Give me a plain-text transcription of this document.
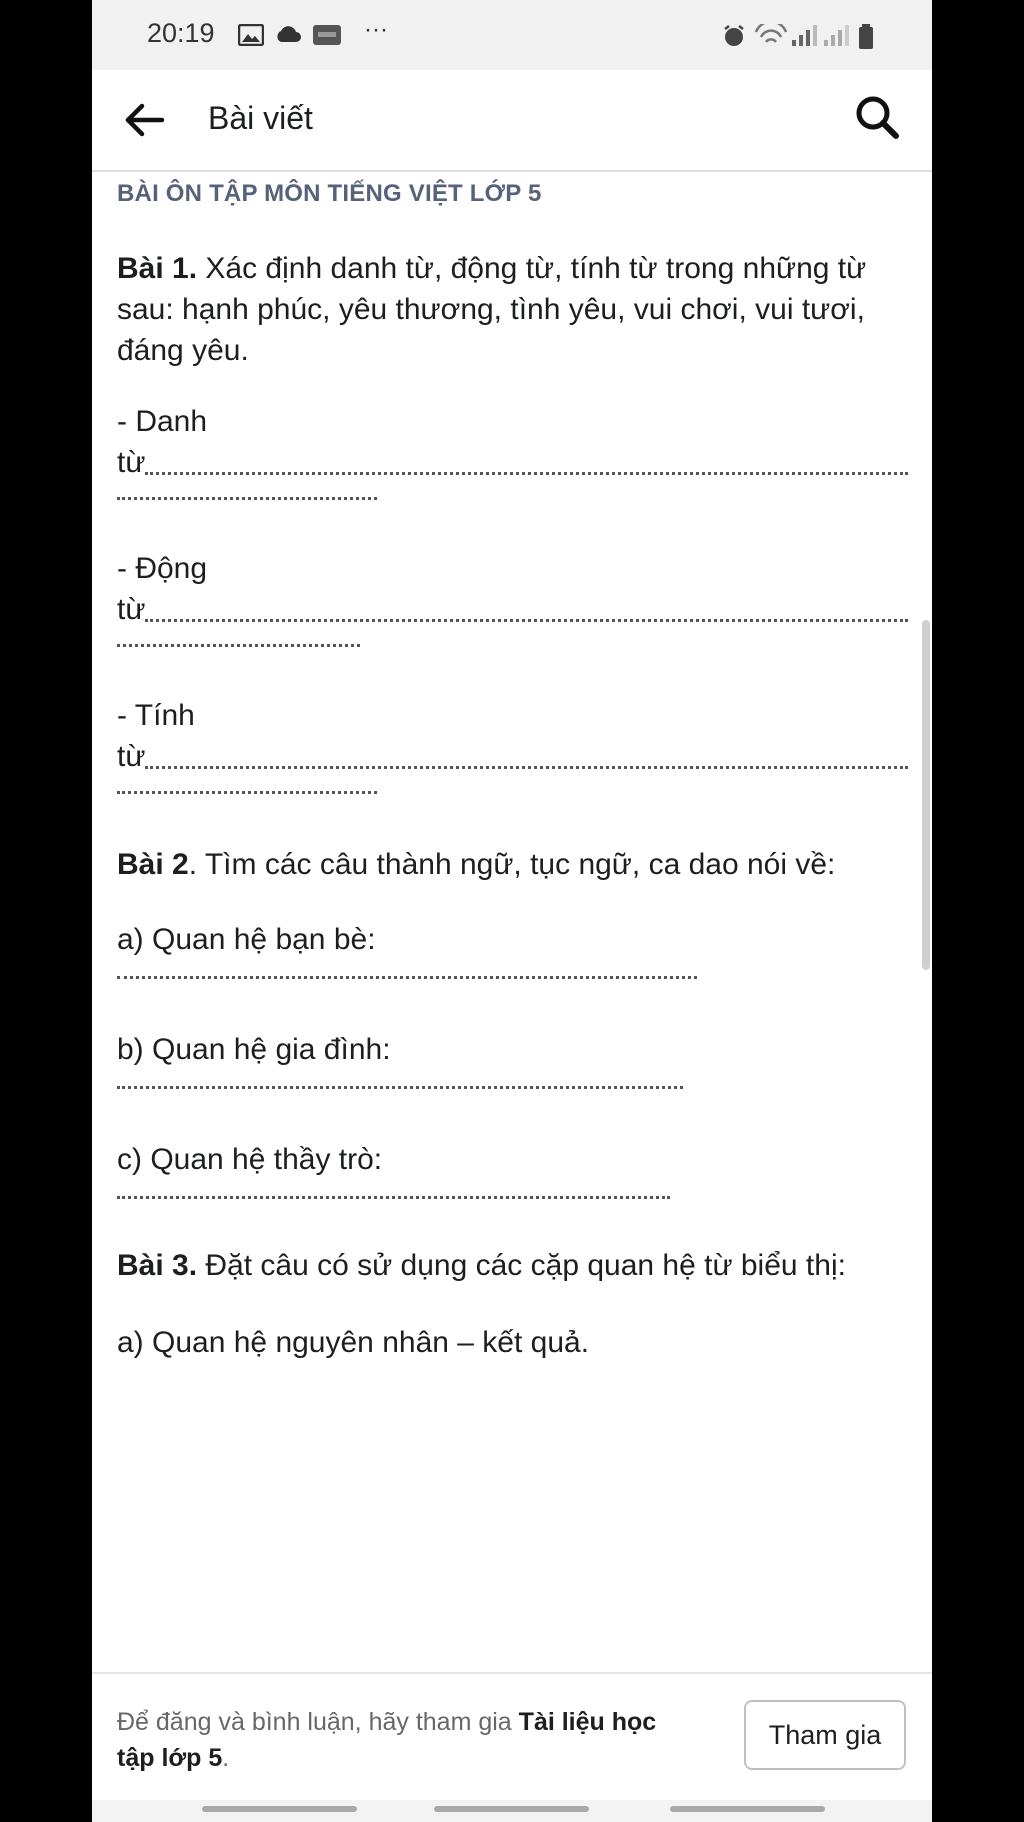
20:19	···
Bài viết
BÀI ÔN TẬP MÔN TIẾNG VIỆT LỚP 5
Bài 1. Xác định danh từ, động từ, tính từ trong những từ sau: hạnh phúc, yêu thương, tình yêu, vui chơi, vui tươi, đáng yêu.
- Danh
từ
- Động
từ
- Tính
từ
Bài 2. Tìm các câu thành ngữ, tục ngữ, ca dao nói về:
a) Quan hệ bạn bè:
b) Quan hệ gia đình:
c) Quan hệ thầy trò:
Bài 3. Đặt câu có sử dụng các cặp quan hệ từ biểu thị:
a) Quan hệ nguyên nhân – kết quả.
Để đăng và bình luận, hãy tham gia Tài liệu học tập lớp 5.
Tham gia
